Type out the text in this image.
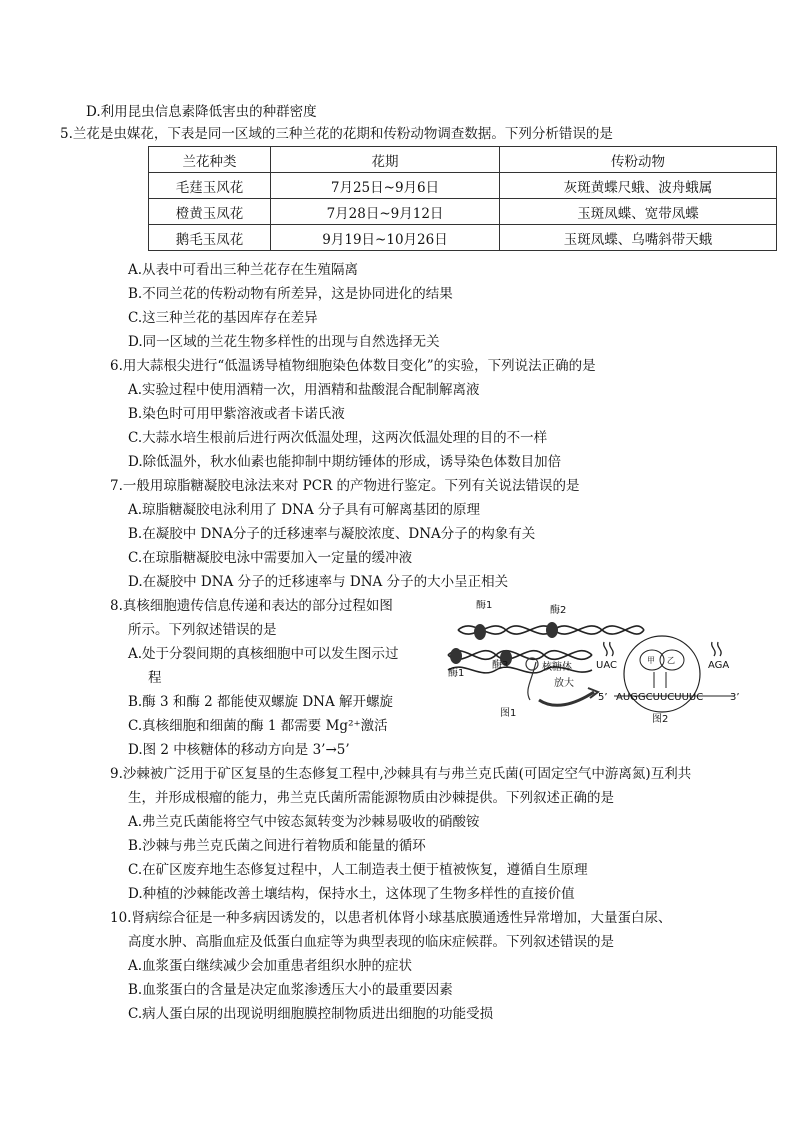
D.利用昆虫信息素降低害虫的种群密度
5.兰花是虫媒花，下表是同一区域的三种兰花的花期和传粉动物调查数据。下列分析错误的是
兰花种类	花期	传粉动物
毛莛玉风花	7月25日~9月6日	灰斑黄蝶尺蛾、波舟蛾属
橙黄玉凤花	7月28日~9月12日	玉斑凤蝶、宽带凤蝶
鹅毛玉凤花	9月19日~10月26日	玉斑凤蝶、乌嘴斜带天蛾
A.从表中可看出三种兰花存在生殖隔离
B.不同兰花的传粉动物有所差异，这是协同进化的结果
C.这三种兰花的基因库存在差异
D.同一区域的兰花生物多样性的出现与自然选择无关
6.用大蒜根尖进行“低温诱导植物细胞染色体数目变化”的实验，下列说法正确的是
A.实验过程中使用酒精一次，用酒精和盐酸混合配制解离液
B.染色时可用甲紫溶液或者卡诺氏液
C.大蒜水培生根前后进行两次低温处理，这两次低温处理的目的不一样
D.除低温外，秋水仙素也能抑制中期纺锤体的形成，诱导染色体数目加倍
7.一般用琼脂糖凝胶电泳法来对 PCR 的产物进行鉴定。下列有关说法错误的是
A.琼脂糖凝胶电泳利用了 DNA 分子具有可解离基团的原理
B.在凝胶中 DNA分子的迁移速率与凝胶浓度、DNA分子的构象有关
C.在琼脂糖凝胶电泳中需要加入一定量的缓冲液
D.在凝胶中 DNA 分子的迁移速率与 DNA 分子的大小呈正相关
8.真核细胞遗传信息传递和表达的部分过程如图
所示。下列叙述错误的是
A.处于分裂间期的真核细胞中可以发生图示过
程
B.酶 3 和酶 2 都能使双螺旋 DNA 解开螺旋
C.真核细胞和细菌的酶 1 都需要 Mg²⁺激活
D.图 2 中核糖体的移动方向是 3’→5’
酶1	酶2
酶1
酶3	核糖体
放大
图1
UAC	AGA
甲 乙
5’ AUGGCUUCUUUC	3’
图2
9.沙棘被广泛用于矿区复垦的生态修复工程中,沙棘具有与弗兰克氏菌(可固定空气中游离氮)互利共
生，并形成根瘤的能力，弗兰克氏菌所需能源物质由沙棘提供。下列叙述正确的是
A.弗兰克氏菌能将空气中铵态氮转变为沙棘易吸收的硝酸铵
B.沙棘与弗兰克氏菌之间进行着物质和能量的循环
C.在矿区废弃地生态修复过程中，人工制造表土便于植被恢复，遵循自生原理
D.种植的沙棘能改善土壤结构，保持水土，这体现了生物多样性的直接价值
10.肾病综合征是一种多病因诱发的，以患者机体肾小球基底膜通透性异常增加，大量蛋白尿、
高度水肿、高脂血症及低蛋白血症等为典型表现的临床症候群。下列叙述错误的是
A.血浆蛋白继续减少会加重患者组织水肿的症状
B.血浆蛋白的含量是决定血浆渗透压大小的最重要因素
C.病人蛋白尿的出现说明细胞膜控制物质进出细胞的功能受损
